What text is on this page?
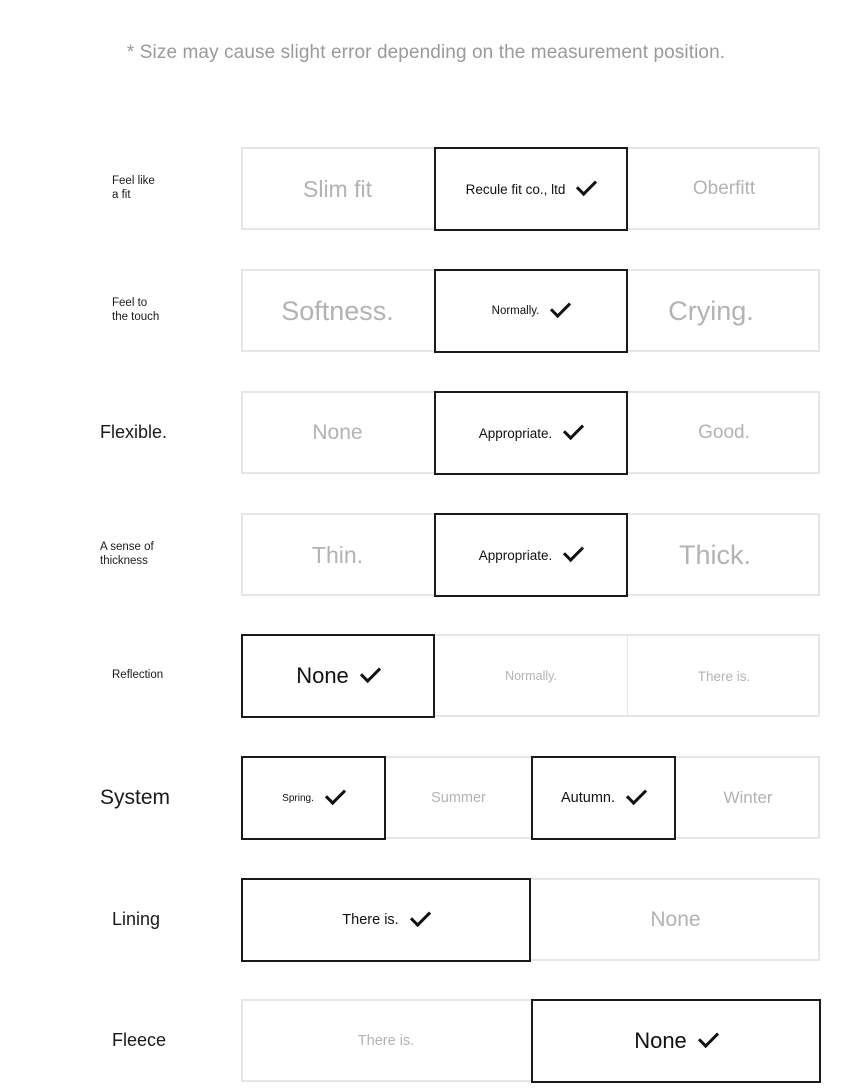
* Size may cause slight error depending on the measurement position.
Feel like
a fit	Slim fit	Recule fit co., ltd	Oberfitt
Feel to
the touch	Softness.	Normally.	Crying.
Flexible.	None	Appropriate.	Good.
A sense of
thickness	Thin.	Appropriate.	Thick.
Reflection	None	Normally.	There is.
System	Spring.	Summer	Autumn.	Winter
Lining	There is.	None
Fleece	There is.	None
